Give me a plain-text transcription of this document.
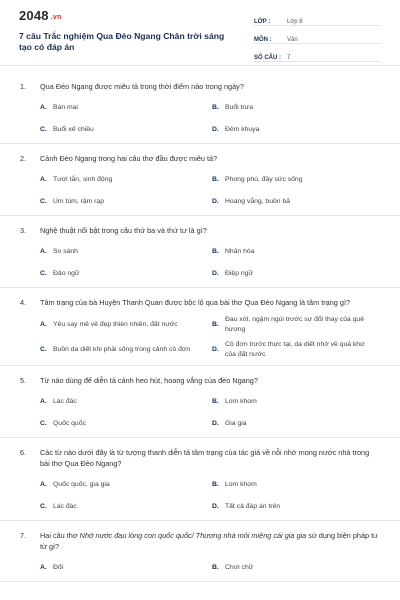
2048 .vn
7 câu Trắc nghiệm Qua Đèo Ngang Chân trời sáng tạo có đáp án
LỚP :	Lớp 8
MÔN :	Văn
SỐ CÂU :	7
1.	Qua Đèo Ngang được miêu tả trong thời điểm nào trong ngày?
A. Ban mai	B. Buổi trưa
C. Buổi xế chiều	D. Đêm khuya
2.	Cảnh Đèo Ngang trong hai câu thơ đầu được miêu tả?
A. Tươi tắn, sinh động	B. Phong phú, đầy sức sống
C. Um tùm, rậm rạp	D. Hoang vắng, buồn bã
3.	Nghệ thuật nổi bật trong câu thứ ba và thứ tư là gì?
A. So sánh	B. Nhân hóa
C. Đảo ngữ	D. Điệp ngữ
4.	Tâm trạng của bà Huyện Thanh Quan được bộc lộ qua bài thơ Qua Đèo Ngang là tâm trạng gì?
A. Yêu say mê vẻ đẹp thiên nhiên, đất nước	B.
Đau xót, ngậm ngùi trước sự đổi thay của quê hương
C. Buồn da diết khi phải sống trong cảnh cô đơn	D.
Cô đơn trước thực tại, da diết nhớ về quá khứ của đất nước
5.	Từ nào dùng để diễn tả cảnh heo hút, hoang vắng của đèo Ngang?
A. Lác đác	B. Lom khom
C. Quốc quốc	D. Gia gia
6.	Các từ nào dưới đây là từ tượng thanh diễn tả tâm trạng của tác giả về nỗi nhớ mong nước nhà trong bài thơ Qua Đèo Ngang?
A. Quốc quốc, gia gia	B. Lom khom
C. Lác đác	D. Tất cả đáp án trên
7.	Hai câu thơ Nhớ nước đau lòng con quốc quốc/ Thương nhà mỏi miệng cái gia gia sử dụng biện pháp tu từ gì?
A. Đối	B. Chơi chữ
